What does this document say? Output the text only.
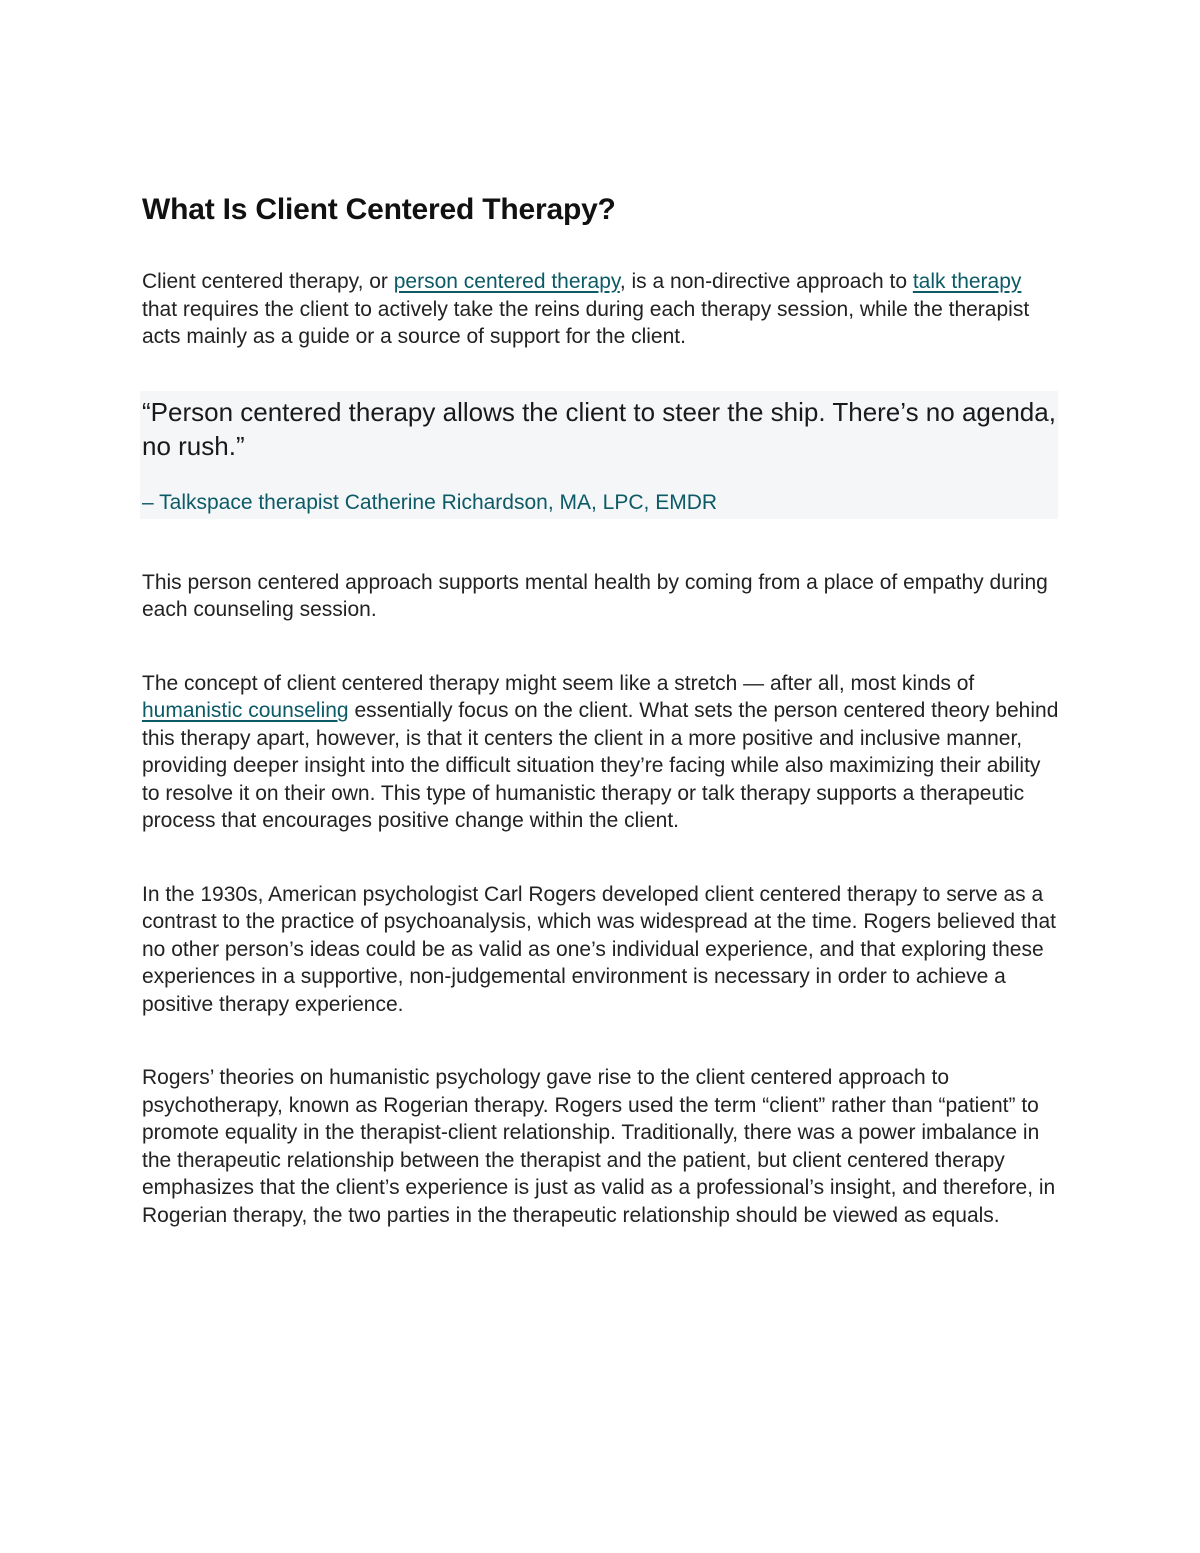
What Is Client Centered Therapy?

Client centered therapy, or person centered therapy, is a non-directive approach to talk therapy that requires the client to actively take the reins during each therapy session, while the therapist acts mainly as a guide or a source of support for the client.

“Person centered therapy allows the client to steer the ship. There’s no agenda, no rush.”

– Talkspace therapist Catherine Richardson, MA, LPC, EMDR

This person centered approach supports mental health by coming from a place of empathy during each counseling session.

The concept of client centered therapy might seem like a stretch — after all, most kinds of humanistic counseling essentially focus on the client. What sets the person centered theory behind this therapy apart, however, is that it centers the client in a more positive and inclusive manner, providing deeper insight into the difficult situation they’re facing while also maximizing their ability to resolve it on their own. This type of humanistic therapy or talk therapy supports a therapeutic process that encourages positive change within the client.

In the 1930s, American psychologist Carl Rogers developed client centered therapy to serve as a contrast to the practice of psychoanalysis, which was widespread at the time. Rogers believed that no other person’s ideas could be as valid as one’s individual experience, and that exploring these experiences in a supportive, non-judgemental environment is necessary in order to achieve a positive therapy experience.

Rogers’ theories on humanistic psychology gave rise to the client centered approach to psychotherapy, known as Rogerian therapy. Rogers used the term “client” rather than “patient” to promote equality in the therapist-client relationship. Traditionally, there was a power imbalance in the therapeutic relationship between the therapist and the patient, but client centered therapy emphasizes that the client’s experience is just as valid as a professional’s insight, and therefore, in Rogerian therapy, the two parties in the therapeutic relationship should be viewed as equals.
